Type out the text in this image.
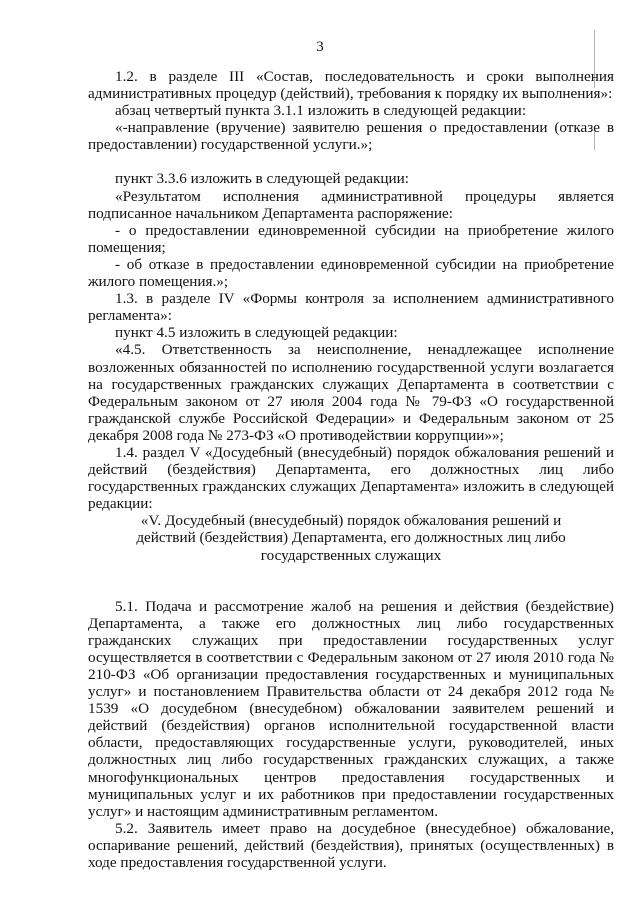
3

1.2. в разделе III «Состав, последовательность и сроки выполнения административных процедур (действий), требования к порядку их выполнения»:

абзац четвертый пункта 3.1.1 изложить в следующей редакции:

«-направление (вручение) заявителю решения о предоставлении (отказе в предоставлении) государственной услуги.»;

пункт 3.3.6 изложить в следующей редакции:

«Результатом исполнения административной процедуры является подписанное начальником Департамента распоряжение:

- о предоставлении единовременной субсидии на приобретение жилого помещения;

- об отказе в предоставлении единовременной субсидии на приобретение жилого помещения.»;

1.3. в разделе IV «Формы контроля за исполнением административного регламента»:

пункт 4.5 изложить в следующей редакции:

«4.5. Ответственность за неисполнение, ненадлежащее исполнение возложенных обязанностей по исполнению государственной услуги возлагается на государственных гражданских служащих Департамента в соответствии с Федеральным законом от 27 июля 2004 года № 79-ФЗ «О государственной гражданской службе Российской Федерации» и Федеральным законом от 25 декабря 2008 года № 273-ФЗ «О противодействии коррупции»»;

1.4. раздел V «Досудебный (внесудебный) порядок обжалования решений и действий (бездействия) Департамента, его должностных лиц либо государственных гражданских служащих Департамента» изложить в следующей редакции:

«V. Досудебный (внесудебный) порядок обжалования решений и действий (бездействия) Департамента, его должностных лиц либо государственных служащих

5.1. Подача и рассмотрение жалоб на решения и действия (бездействие) Департамента, а также его должностных лиц либо государственных гражданских служащих при предоставлении государственных услуг осуществляется в соответствии с Федеральным законом от 27 июля 2010 года № 210-ФЗ «Об организации предоставления государственных и муниципальных услуг» и постановлением Правительства области от 24 декабря 2012 года № 1539 «О досудебном (внесудебном) обжаловании заявителем решений и действий (бездействия) органов исполнительной государственной власти области, предоставляющих государственные услуги, руководителей, иных должностных лиц либо государственных гражданских служащих, а также многофункциональных центров предоставления государственных и муниципальных услуг и их работников при предоставлении государственных услуг» и настоящим административным регламентом.

5.2. Заявитель имеет право на досудебное (внесудебное) обжалование, оспаривание решений, действий (бездействия), принятых (осуществленных) в ходе предоставления государственной услуги.
